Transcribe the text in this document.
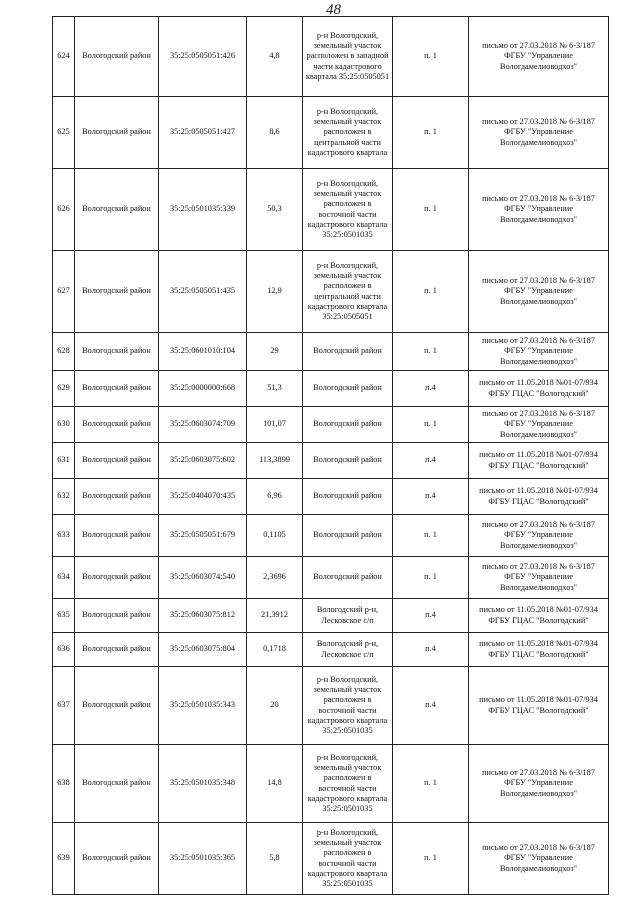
48
624	Вологодский район	35:25:0505051:426	4,8	р-н Вологодский, земельный участок расположен в западной части кадастрового квартала 35:25:0505051	п. 1	письмо от 27.03.2018 № 6-3/187 ФГБУ "Управление Вологдамелиоводхоз"
625	Вологодский район	35:25:0505051:427	8,6	р-н Вологодский, земельный участок расположен в центральной части кадастрового квартала	п. 1	письмо от 27.03.2018 № 6-3/187 ФГБУ "Управление Вологдамелиоводхоз"
626	Вологодский район	35:25:0501035:339	50,3	р-н Вологодский, земельный участок расположен в восточной части кадастрового квартала 35:25:0501035	п. 1	письмо от 27.03.2018 № 6-3/187 ФГБУ "Управление Вологдамелиоводхоз"
627	Вологодский район	35:25:0505051:435	12,9	р-н Вологодский, земельный участок расположен в центральной части кадастрового квартала 35:25:0505051	п. 1	письмо от 27.03.2018 № 6-3/187 ФГБУ "Управление Вологдамелиоводхоз"
628	Вологодский район	35:25:0601010:104	29	Вологодский район	п. 1	письмо от 27.03.2018 № 6-3/187 ФГБУ "Управление Вологдамелиоводхоз"
629	Вологодский район	35:25:0000000:668	51,3	Вологодский район	п.4	письмо от 11.05.2018 №01-07/934 ФГБУ ГЦАС "Вологодский"
630	Вологодский район	35:25:0603074:709	101,07	Вологодский район	п. 1	письмо от 27.03.2018 № 6-3/187 ФГБУ "Управление Вологдамелиоводхоз"
631	Вологодский район	35:25:0603075:602	113,3899	Вологодский район	п.4	письмо от 11.05.2018 №01-07/934 ФГБУ ГЦАС "Вологодский"
632	Вологодский район	35:25:0404070:435	6,96	Вологодский район	п.4	письмо от 11.05.2018 №01-07/934 ФГБУ ГЦАС "Вологодский"
633	Вологодский район	35:25:0505051:679	0,1105	Вологодский район	п. 1	письмо от 27.03.2018 № 6-3/187 ФГБУ "Управление Вологдамелиоводхоз"
634	Вологодский район	35:25:0603074:540	2,3696	Вологодский район	п. 1	письмо от 27.03.2018 № 6-3/187 ФГБУ "Управление Вологдамелиоводхоз"
635	Вологодский район	35:25:0603075:812	21,3912	Вологодский р-н, Лесковское с/п	п.4	письмо от 11.05.2018 №01-07/934 ФГБУ ГЦАС "Вологодский"
636	Вологодский район	35:25:0603075:804	0,1718	Вологодский р-н, Лесковское с/п	п.4	письмо от 11.05.2018 №01-07/934 ФГБУ ГЦАС "Вологодский"
637	Вологодский район	35:25:0501035:343	20	р-н Вологодский, земельный участок расположен в восточной части кадастрового квартала 35:25:0501035	п.4	письмо от 11.05.2018 №01-07/934 ФГБУ ГЦАС "Вологодский"
638	Вологодский район	35:25:0501035:348	14,8	р-н Вологодский, земельный участок расположен в восточной части кадастрового квартала 35:25:0501035	п. 1	письмо от 27.03.2018 № 6-3/187 ФГБУ "Управление Вологдамелиоводхоз"
639	Вологодский район	35:25:0501035:365	5,8	р-н Вологодский, земельный участок расположен в восточной части кадастрового квартала 35:25:0501035	п. 1	письмо от 27.03.2018 № 6-3/187 ФГБУ "Управление Вологдамелиоводхоз"
